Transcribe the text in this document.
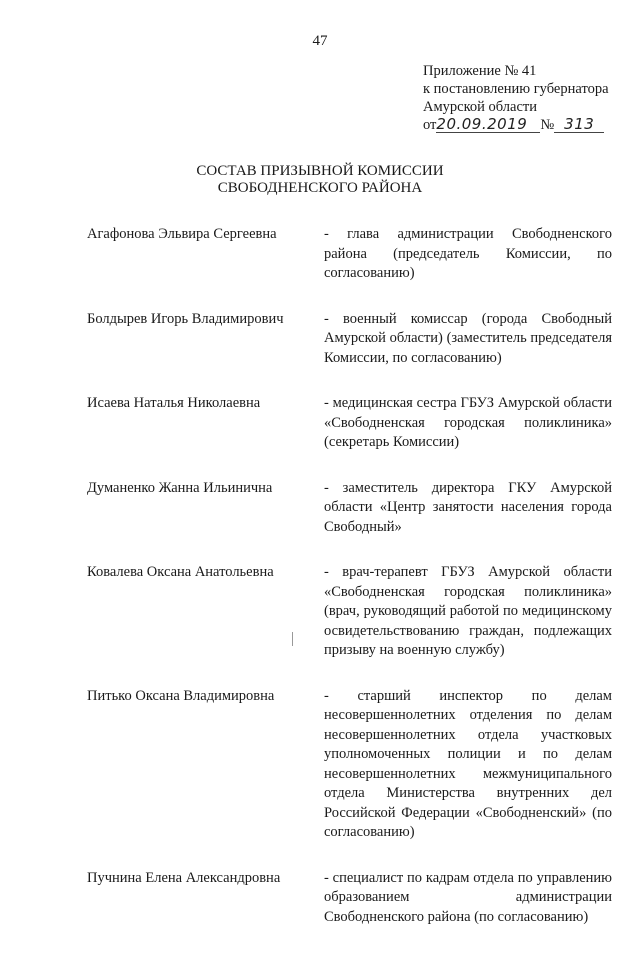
47
Приложение № 41
к постановлению губернатора
Амурской области
от20.09.2019 № 313
СОСТАВ ПРИЗЫВНОЙ КОМИССИИ
СВОБОДНЕНСКОГО РАЙОНА
Агафонова Эльвира Сергеевна	- глава администрации Свободненского района (председатель Комиссии, по согласованию)
Болдырев Игорь Владимирович	- военный комиссар (города Свободный Амурской области) (заместитель председателя Комиссии, по согласованию)
Исаева Наталья Николаевна	- медицинская сестра ГБУЗ Амурской области «Свободненская городская поликлиника» (секретарь Комиссии)
Думаненко Жанна Ильинична	- заместитель директора ГКУ Амурской области «Центр занятости населения города Свободный»
Ковалева Оксана Анатольевна	- врач-терапевт ГБУЗ Амурской области «Свободненская городская поликлиника» (врач, руководящий работой по медицинскому освидетельствованию граждан, подлежащих призыву на военную службу)
Питько Оксана Владимировна	- старший инспектор по делам несовершеннолетних отделения по делам несовершеннолетних отдела участковых уполномоченных полиции и по делам несовершеннолетних межмуниципального отдела Министерства внутренних дел Российской Федерации «Свободненский» (по согласованию)
Пучнина Елена Александровна	- специалист по кадрам отдела по управлению образованием администрации Свободненского района (по согласованию)
